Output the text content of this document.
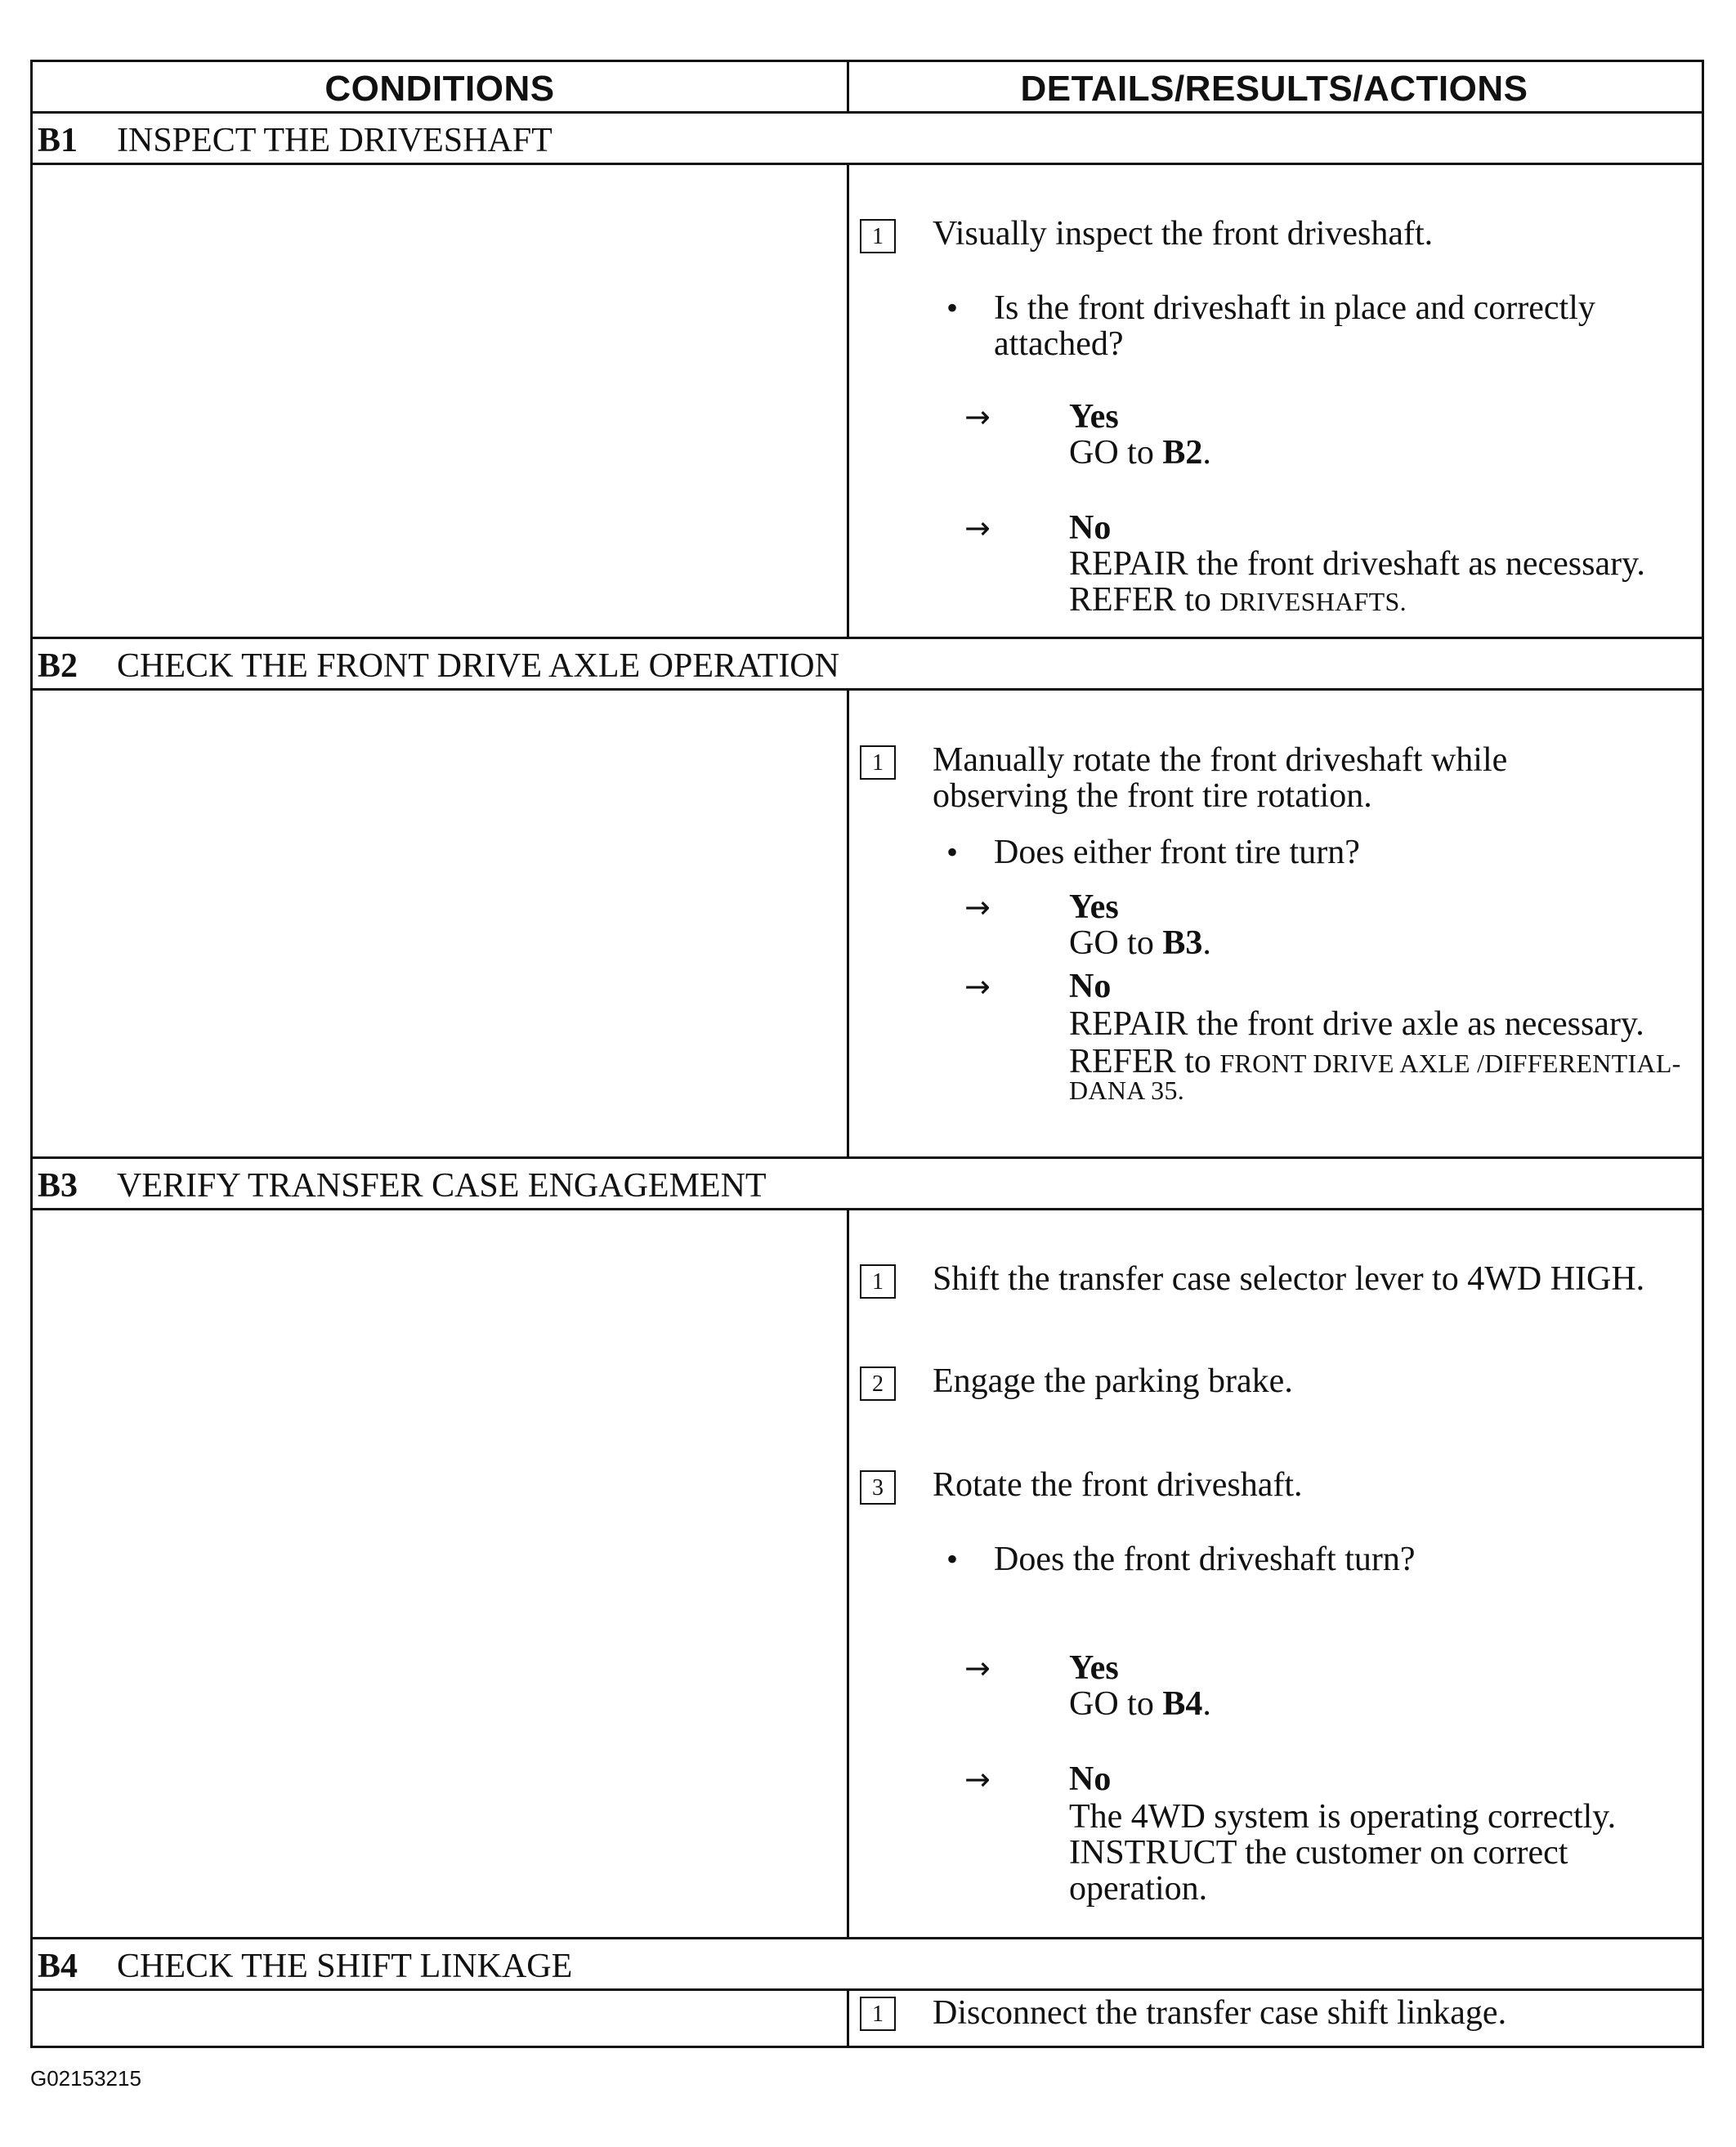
CONDITIONS	DETAILS/RESULTS/ACTIONS
B1 INSPECT THE DRIVESHAFT
1	Visually inspect the front driveshaft.
• Is the front driveshaft in place and correctly attached?
→ Yes
GO to B2.
→ No
REPAIR the front driveshaft as necessary.
REFER to DRIVESHAFTS.
B2 CHECK THE FRONT DRIVE AXLE OPERATION
1	Manually rotate the front driveshaft while
observing the front tire rotation.
• Does either front tire turn?
→ Yes
GO to B3.
→ No
REPAIR the front drive axle as necessary.
REFER to FRONT DRIVE AXLE /DIFFERENTIAL-
DANA 35.
B3 VERIFY TRANSFER CASE ENGAGEMENT
1	Shift the transfer case selector lever to 4WD HIGH.
2	Engage the parking brake.
3	Rotate the front driveshaft.
• Does the front driveshaft turn?
→ Yes
GO to B4.
→ No
The 4WD system is operating correctly.
INSTRUCT the customer on correct
operation.
B4 CHECK THE SHIFT LINKAGE
1	Disconnect the transfer case shift linkage.
G02153215
